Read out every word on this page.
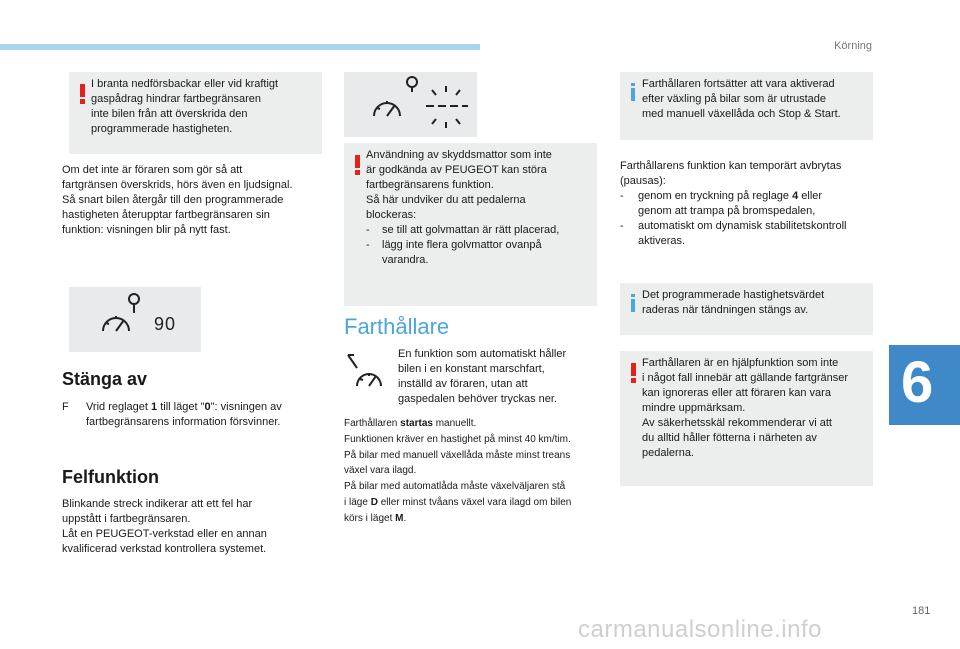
Körning
6
181
I branta nedförsbackar eller vid kraftigt
gaspådrag hindrar fartbegränsaren
inte bilen från att överskrida den
programmerade hastigheten.
Om det inte är föraren som gör så att
fartgränsen överskrids, hörs även en ljudsignal.
Så snart bilen återgår till den programmerade
hastigheten återupptar fartbegränsaren sin
funktion: visningen blir på nytt fast.
90
Stänga av
F	Vrid reglaget 1 till läget "0": visningen av
fartbegränsarens information försvinner.
Felfunktion
Blinkande streck indikerar att ett fel har
uppstått i fartbegränsaren.
Låt en PEUGEOT-verkstad eller en annan
kvalificerad verkstad kontrollera systemet.
Användning av skyddsmattor som inte
är godkända av PEUGEOT kan störa
fartbegränsarens funktion.
Så här undviker du att pedalerna
blockeras:
-	se till att golvmattan är rätt placerad,
-	lägg inte flera golvmattor ovanpå
varandra.
Farthållare
En funktion som automatiskt håller
bilen i en konstant marschfart,
inställd av föraren, utan att
gaspedalen behöver tryckas ner.
Farthållaren startas manuellt.
Funktionen kräver en hastighet på minst 40 km/tim.
På bilar med manuell växellåda måste minst treans
växel vara ilagd.
På bilar med automatlåda måste växelväljaren stå
i läge D eller minst tvåans växel vara ilagd om bilen
körs i läget M.
Farthållaren fortsätter att vara aktiverad
efter växling på bilar som är utrustade
med manuell växellåda och Stop & Start.
Farthållarens funktion kan temporärt avbrytas
(pausas):
-	genom en tryckning på reglage 4 eller
genom att trampa på bromspedalen,
-	automatiskt om dynamisk stabilitetskontroll
aktiveras.
Det programmerade hastighetsvärdet
raderas när tändningen stängs av.
Farthållaren är en hjälpfunktion som inte
i något fall innebär att gällande fartgränser
kan ignoreras eller att föraren kan vara
mindre uppmärksam.
Av säkerhetsskäl rekommenderar vi att
du alltid håller fötterna i närheten av
pedalerna.
carmanualsonline.info
